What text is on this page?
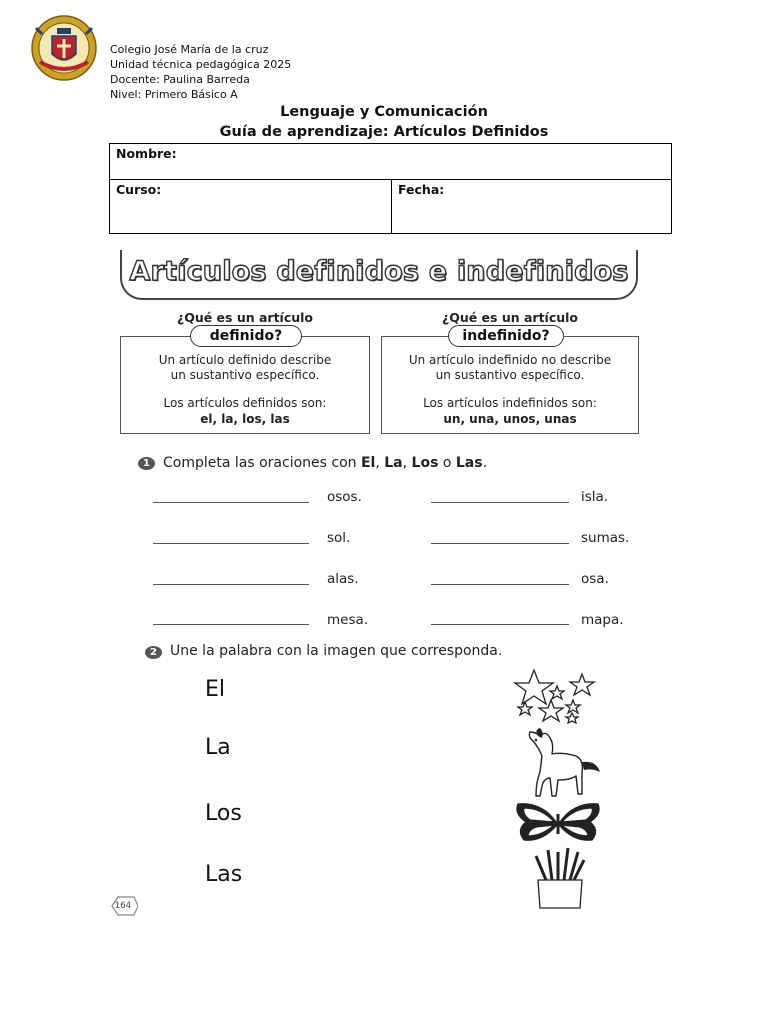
Colegio José María de la cruz
Unidad técnica pedagógica 2025
Docente: Paulina Barreda
Nivel: Primero Básico A
Lenguaje y Comunicación
Guía de aprendizaje: Artículos Definidos
Nombre:
Curso:	Fecha:
Artículos definidos e indefinidos
¿Qué es un artículo
definido?
Un artículo definido describe
un sustantivo específico.
Los artículos definidos son:
el, la, los, las
¿Qué es un artículo
indefinido?
Un artículo indefinido no describe
un sustantivo específico.
Los artículos indefinidos son:
un, una, unos, unas
1 Completa las oraciones con El, La, Los o Las.
osos.	isla.
sol.	sumas.
alas.	osa.
mesa.	mapa.
2 Une la palabra con la imagen que corresponda.
El
La
Los
Las
164
